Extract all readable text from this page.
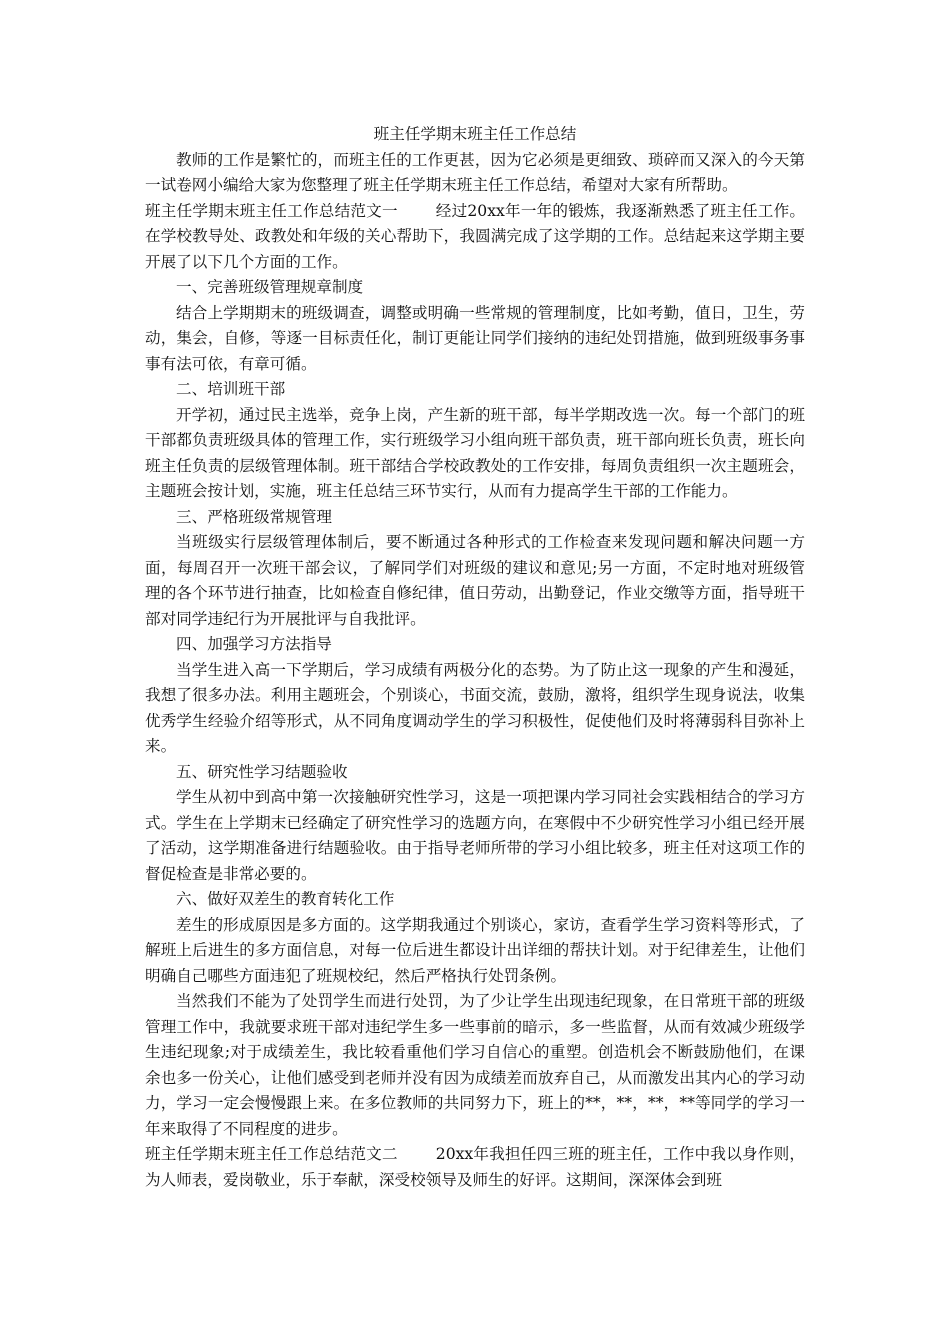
班主任学期末班主任工作总结

教师的工作是繁忙的，而班主任的工作更甚，因为它必须是更细致、琐碎而又深入的今天第一试卷网小编给大家为您整理了班主任学期末班主任工作总结，希望对大家有所帮助。

班主任学期末班主任工作总结范文一 经过20xx年一年的锻炼，我逐渐熟悉了班主任工作。在学校教导处、政教处和年级的关心帮助下，我圆满完成了这学期的工作。总结起来这学期主要开展了以下几个方面的工作。

一、完善班级管理规章制度

结合上学期期末的班级调查，调整或明确一些常规的管理制度，比如考勤，值日，卫生，劳动，集会，自修，等逐一目标责任化，制订更能让同学们接纳的违纪处罚措施，做到班级事务事事有法可依，有章可循。

二、培训班干部

开学初，通过民主选举，竞争上岗，产生新的班干部，每半学期改选一次。每一个部门的班干部都负责班级具体的管理工作，实行班级学习小组向班干部负责，班干部向班长负责，班长向班主任负责的层级管理体制。班干部结合学校政教处的工作安排，每周负责组织一次主题班会，主题班会按计划，实施，班主任总结三环节实行，从而有力提高学生干部的工作能力。

三、严格班级常规管理

当班级实行层级管理体制后，要不断通过各种形式的工作检查来发现问题和解决问题一方面，每周召开一次班干部会议，了解同学们对班级的建议和意见;另一方面，不定时地对班级管理的各个环节进行抽查，比如检查自修纪律，值日劳动，出勤登记，作业交缴等方面，指导班干部对同学违纪行为开展批评与自我批评。

四、加强学习方法指导

当学生进入高一下学期后，学习成绩有两极分化的态势。为了防止这一现象的产生和漫延，我想了很多办法。利用主题班会，个别谈心，书面交流，鼓励，激将，组织学生现身说法，收集优秀学生经验介绍等形式，从不同角度调动学生的学习积极性，促使他们及时将薄弱科目弥补上来。

五、研究性学习结题验收

学生从初中到高中第一次接触研究性学习，这是一项把课内学习同社会实践相结合的学习方式。学生在上学期末已经确定了研究性学习的选题方向，在寒假中不少研究性学习小组已经开展了活动，这学期准备进行结题验收。由于指导老师所带的学习小组比较多，班主任对这项工作的督促检查是非常必要的。

六、做好双差生的教育转化工作

差生的形成原因是多方面的。这学期我通过个别谈心，家访，查看学生学习资料等形式，了解班上后进生的多方面信息，对每一位后进生都设计出详细的帮扶计划。对于纪律差生，让他们明确自己哪些方面违犯了班规校纪，然后严格执行处罚条例。

当然我们不能为了处罚学生而进行处罚，为了少让学生出现违纪现象，在日常班干部的班级管理工作中，我就要求班干部对违纪学生多一些事前的暗示，多一些监督，从而有效减少班级学生违纪现象;对于成绩差生，我比较看重他们学习自信心的重塑。创造机会不断鼓励他们，在课余也多一份关心，让他们感受到老师并没有因为成绩差而放弃自己，从而激发出其内心的学习动力，学习一定会慢慢跟上来。在多位教师的共同努力下，班上的**，**，**，**等同学的学习一年来取得了不同程度的进步。

班主任学期末班主任工作总结范文二 20xx年我担任四三班的班主任，工作中我以身作则，为人师表，爱岗敬业，乐于奉献，深受校领导及师生的好评。这期间，深深体会到班
